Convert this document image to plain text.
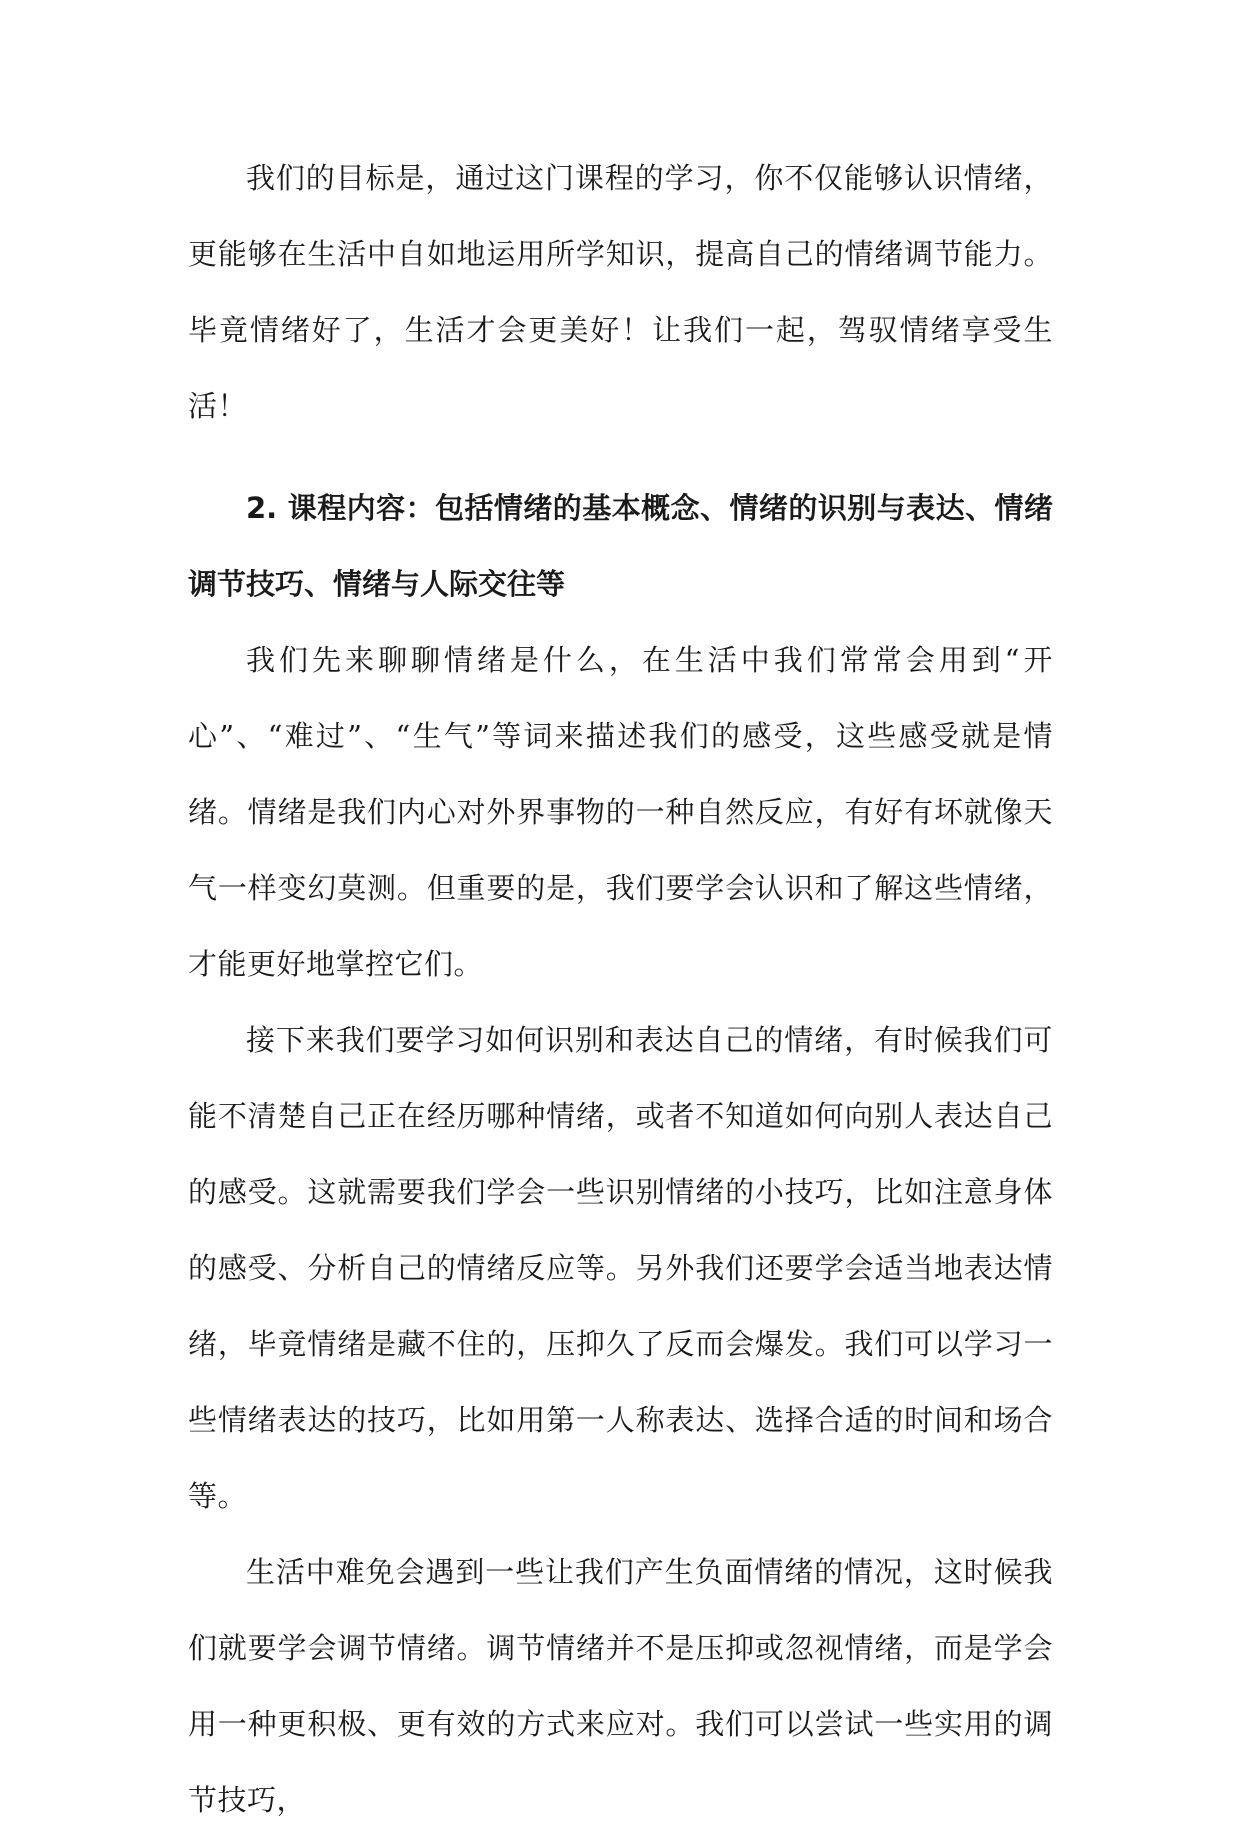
我们的目标是，通过这门课程的学习，你不仅能够认识情绪，更能够在生活中自如地运用所学知识，提高自己的情绪调节能力。毕竟情绪好了，生活才会更美好！让我们一起，驾驭情绪享受生活！

2. 课程内容：包括情绪的基本概念、情绪的识别与表达、情绪调节技巧、情绪与人际交往等

我们先来聊聊情绪是什么，在生活中我们常常会用到“开心”、“难过”、“生气”等词来描述我们的感受，这些感受就是情绪。情绪是我们内心对外界事物的一种自然反应，有好有坏就像天气一样变幻莫测。但重要的是，我们要学会认识和了解这些情绪，才能更好地掌控它们。

接下来我们要学习如何识别和表达自己的情绪，有时候我们可能不清楚自己正在经历哪种情绪，或者不知道如何向别人表达自己的感受。这就需要我们学会一些识别情绪的小技巧，比如注意身体的感受、分析自己的情绪反应等。另外我们还要学会适当地表达情绪，毕竟情绪是藏不住的，压抑久了反而会爆发。我们可以学习一些情绪表达的技巧，比如用第一人称表达、选择合适的时间和场合等。

生活中难免会遇到一些让我们产生负面情绪的情况，这时候我们就要学会调节情绪。调节情绪并不是压抑或忽视情绪，而是学会用一种更积极、更有效的方式来应对。我们可以尝试一些实用的调节技巧，
